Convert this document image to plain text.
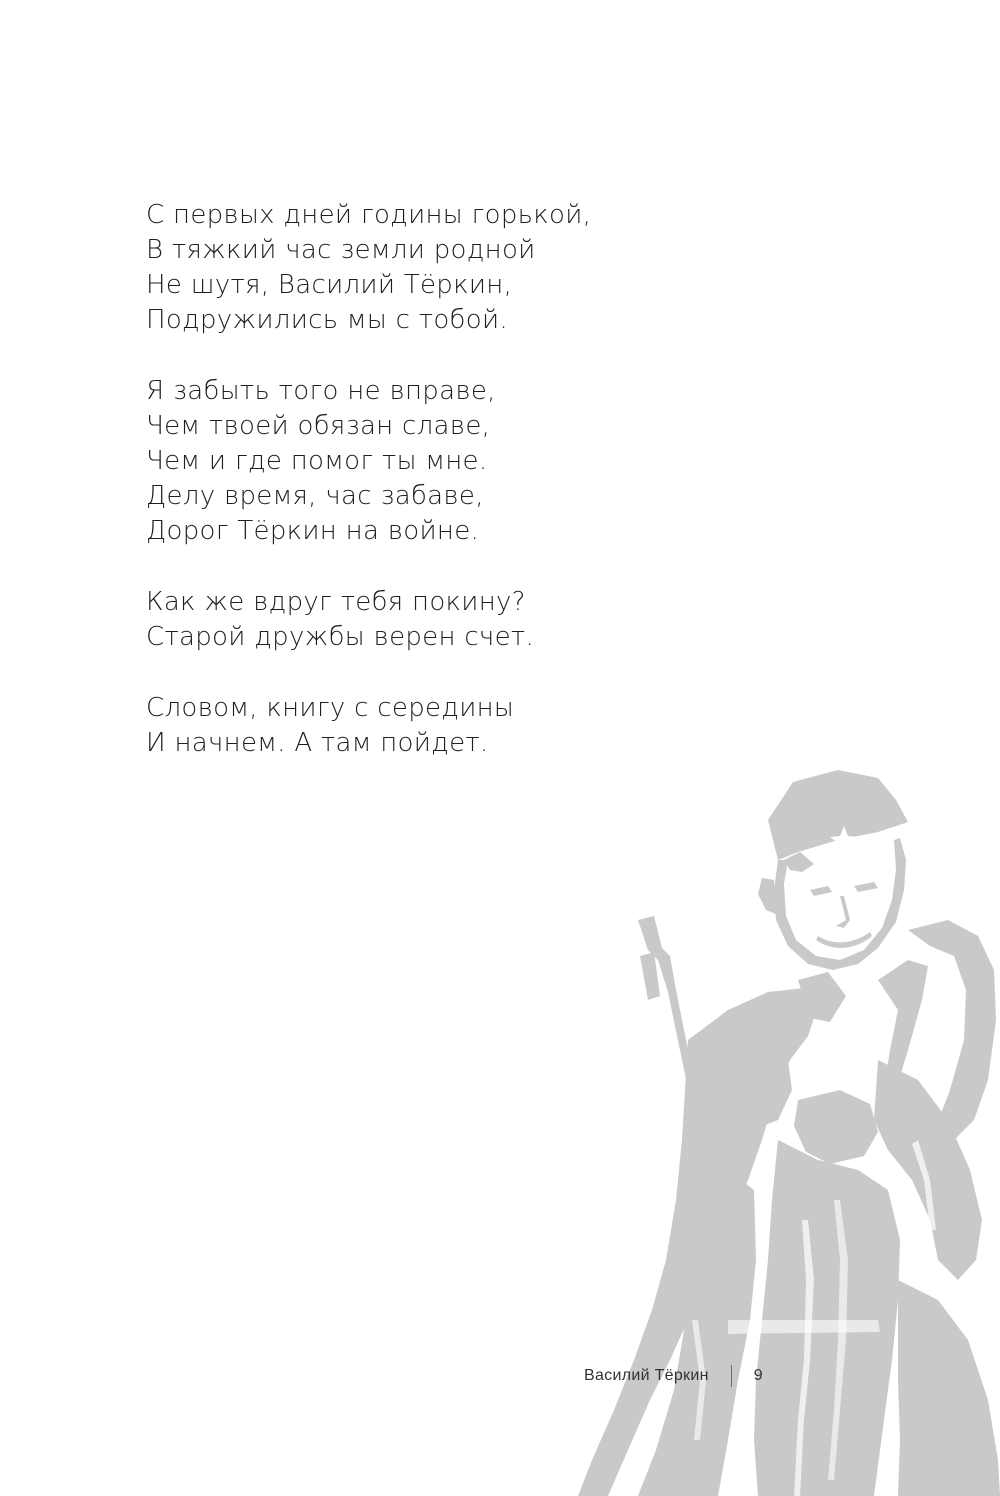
С первых дней годины горькой,
В тяжкий час земли родной
Не шутя, Василий Тёркин,
Подружились мы с тобой.
Я забыть того не вправе,
Чем твоей обязан славе,
Чем и где помог ты мне.
Делу время, час забаве,
Дорог Тёркин на войне.
Как же вдруг тебя покину?
Старой дружбы верен счет.
Словом, книгу с середины
И начнем. А там пойдет.
Василий Тёркин	9
